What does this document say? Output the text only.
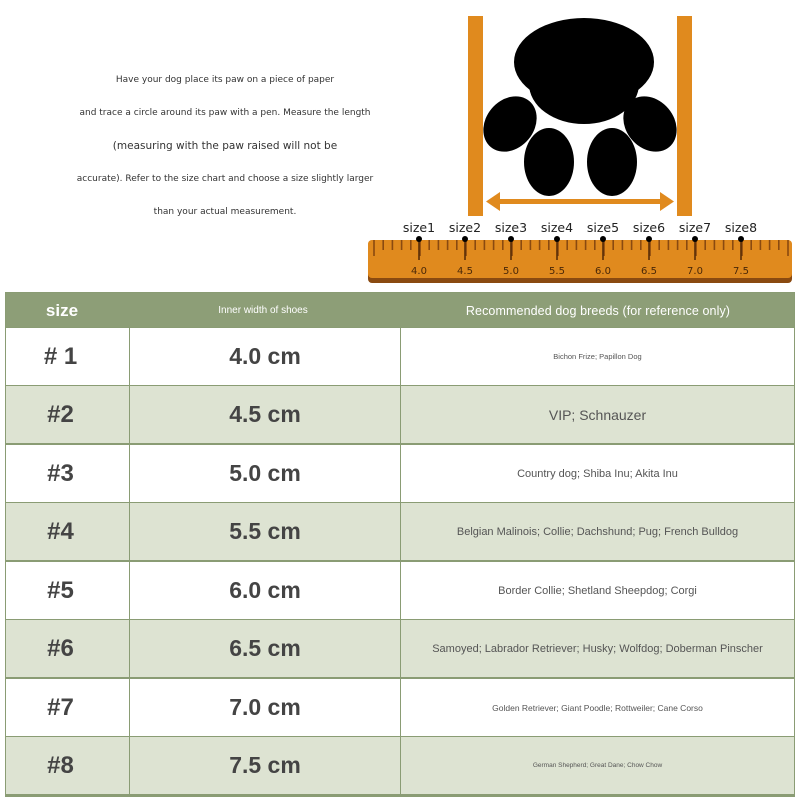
Have your dog place its paw on a piece of paper
and trace a circle around its paw with a pen. Measure the length
(measuring with the paw raised will not be
accurate). Refer to the size chart and choose a size slightly larger
than your actual measurement.
size1
4.0
size2
4.5
size3
5.0
size4
5.5
size5
6.0
size6
6.5
size7
7.0
size8
7.5
size	Inner width of shoes	Recommended dog breeds (for reference only)
# 1	4.0 cm	Bichon Frize; Papillon Dog
#2	4.5 cm	VIP; Schnauzer
#3	5.0 cm	Country dog; Shiba Inu; Akita Inu
#4	5.5 cm	Belgian Malinois; Collie; Dachshund; Pug; French Bulldog
#5	6.0 cm	Border Collie; Shetland Sheepdog; Corgi
#6	6.5 cm	Samoyed; Labrador Retriever; Husky; Wolfdog; Doberman Pinscher
#7	7.0 cm	Golden Retriever; Giant Poodle; Rottweiler; Cane Corso
#8	7.5 cm	German Shepherd; Great Dane; Chow Chow
